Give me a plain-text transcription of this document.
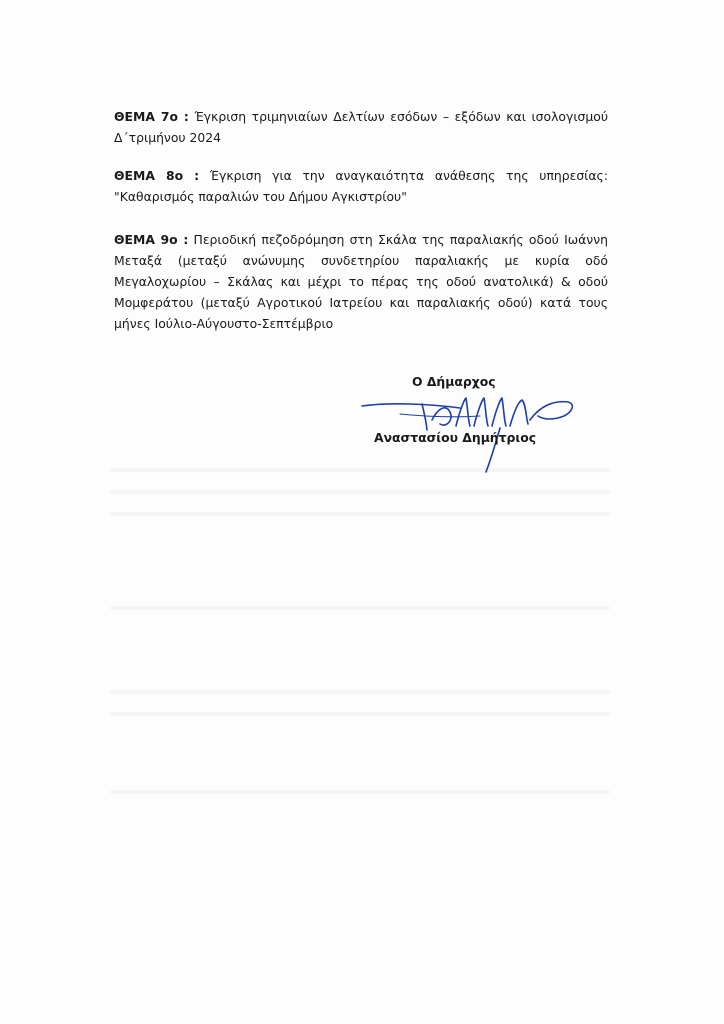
ΘΕΜΑ 7ο : Έγκριση τριμηνιαίων Δελτίων εσόδων – εξόδων και ισολογισμού Δ΄τριμήνου 2024
ΘΕΜΑ 8ο : Έγκριση για την αναγκαιότητα ανάθεσης της υπηρεσίας: "Καθαρισμός παραλιών του Δήμου Αγκιστρίου"
ΘΕΜΑ 9ο : Περιοδική πεζοδρόμηση στη Σκάλα της παραλιακής οδού Ιωάννη Μεταξά (μεταξύ ανώνυμης συνδετηρίου παραλιακής με κυρία οδό Μεγαλοχωρίου – Σκάλας και μέχρι το πέρας της οδού ανατολικά) & οδού Μομφεράτου (μεταξύ Αγροτικού Ιατρείου και παραλιακής οδού) κατά τους μήνες Ιούλιο-Αύγουστο-Σεπτέμβριο
Ο Δήμαρχος
Αναστασίου Δημήτριος
